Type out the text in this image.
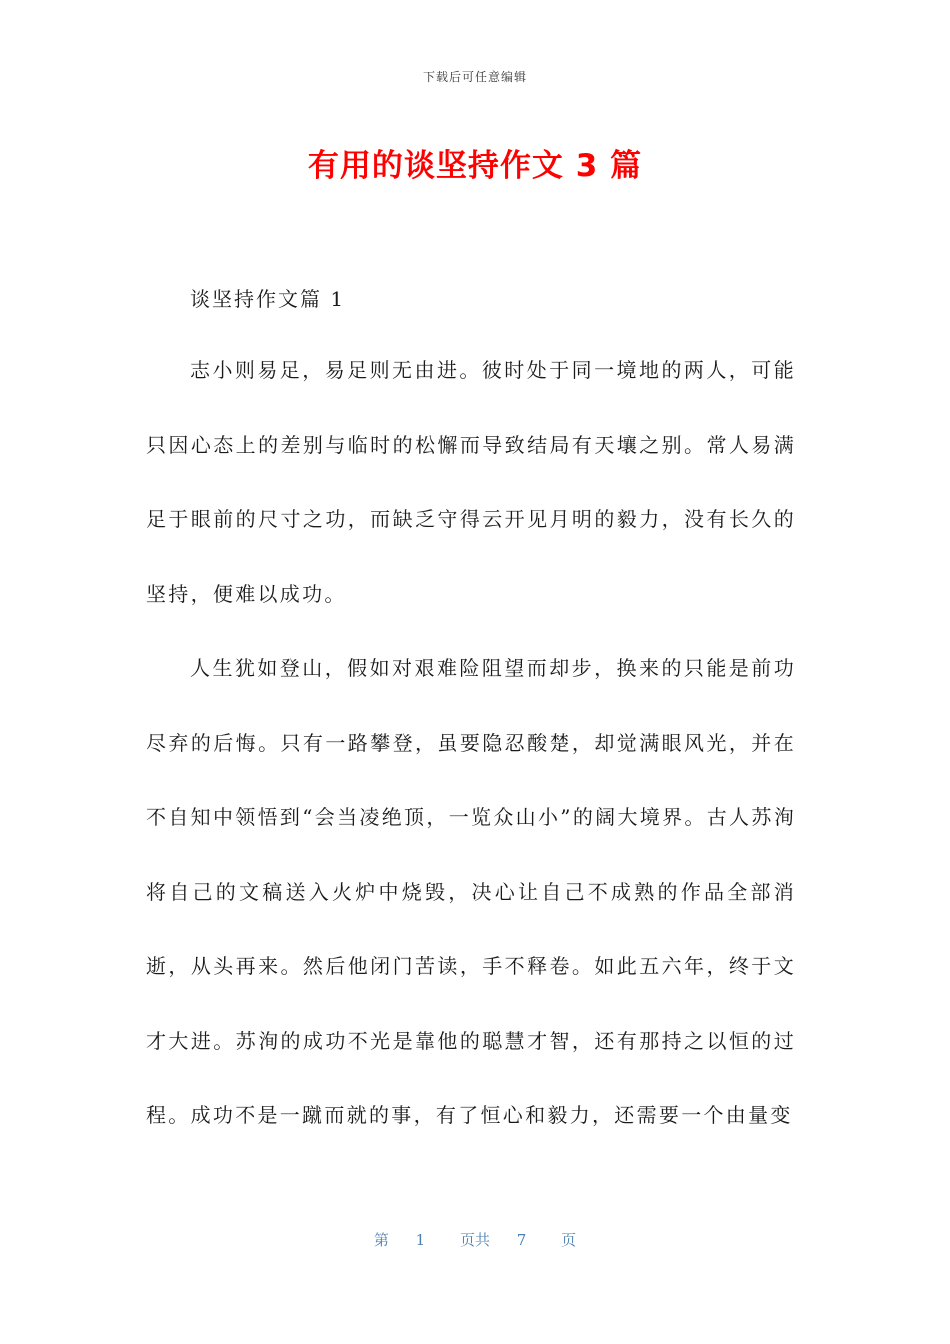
下载后可任意编辑
有用的谈坚持作文 3 篇
谈坚持作文篇 1

志小则易足，易足则无由进。彼时处于同一境地的两人，可能只因心态上的差别与临时的松懈而导致结局有天壤之别。常人易满足于眼前的尺寸之功，而缺乏守得云开见月明的毅力，没有长久的坚持，便难以成功。

人生犹如登山，假如对艰难险阻望而却步，换来的只能是前功尽弃的后悔。只有一路攀登，虽要隐忍酸楚，却觉满眼风光，并在不自知中领悟到“会当凌绝顶，一览众山小”的阔大境界。古人苏洵将自己的文稿送入火炉中烧毁，决心让自己不成熟的作品全部消逝，从头再来。然后他闭门苦读，手不释卷。如此五六年，终于文才大进。苏洵的成功不光是靠他的聪慧才智，还有那持之以恒的过程。成功不是一蹴而就的事，有了恒心和毅力，还需要一个由量变

第 1 页共 7 页
